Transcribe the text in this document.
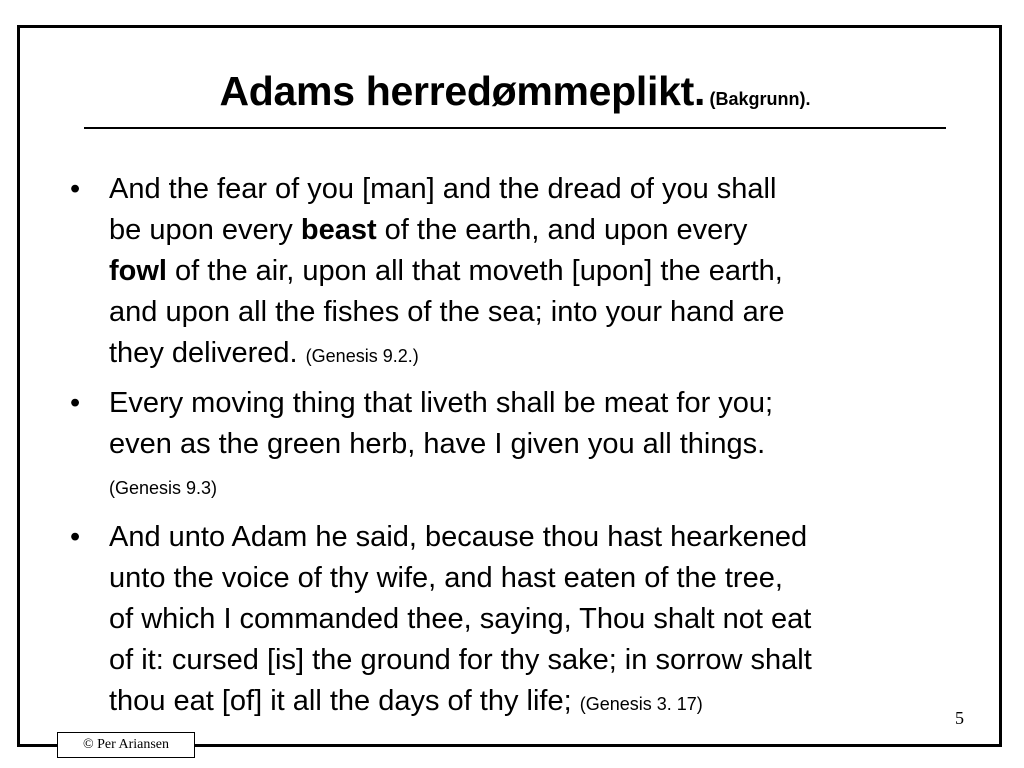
Adams herredømmeplikt. (Bakgrunn).
• And the fear of you [man] and the dread of you shall
be upon every beast of the earth, and upon every
fowl of the air, upon all that moveth [upon] the earth,
and upon all the fishes of the sea; into your hand are
they delivered. (Genesis 9.2.)
• Every moving thing that liveth shall be meat for you;
even as the green herb, have I given you all things.
(Genesis 9.3)
• And unto Adam he said, because thou hast hearkened
unto the voice of thy wife, and hast eaten of the tree,
of which I commanded thee, saying, Thou shalt not eat
of it: cursed [is] the ground for thy sake; in sorrow shalt
thou eat [of] it all the days of thy life; (Genesis 3. 17)
5
© Per Ariansen
